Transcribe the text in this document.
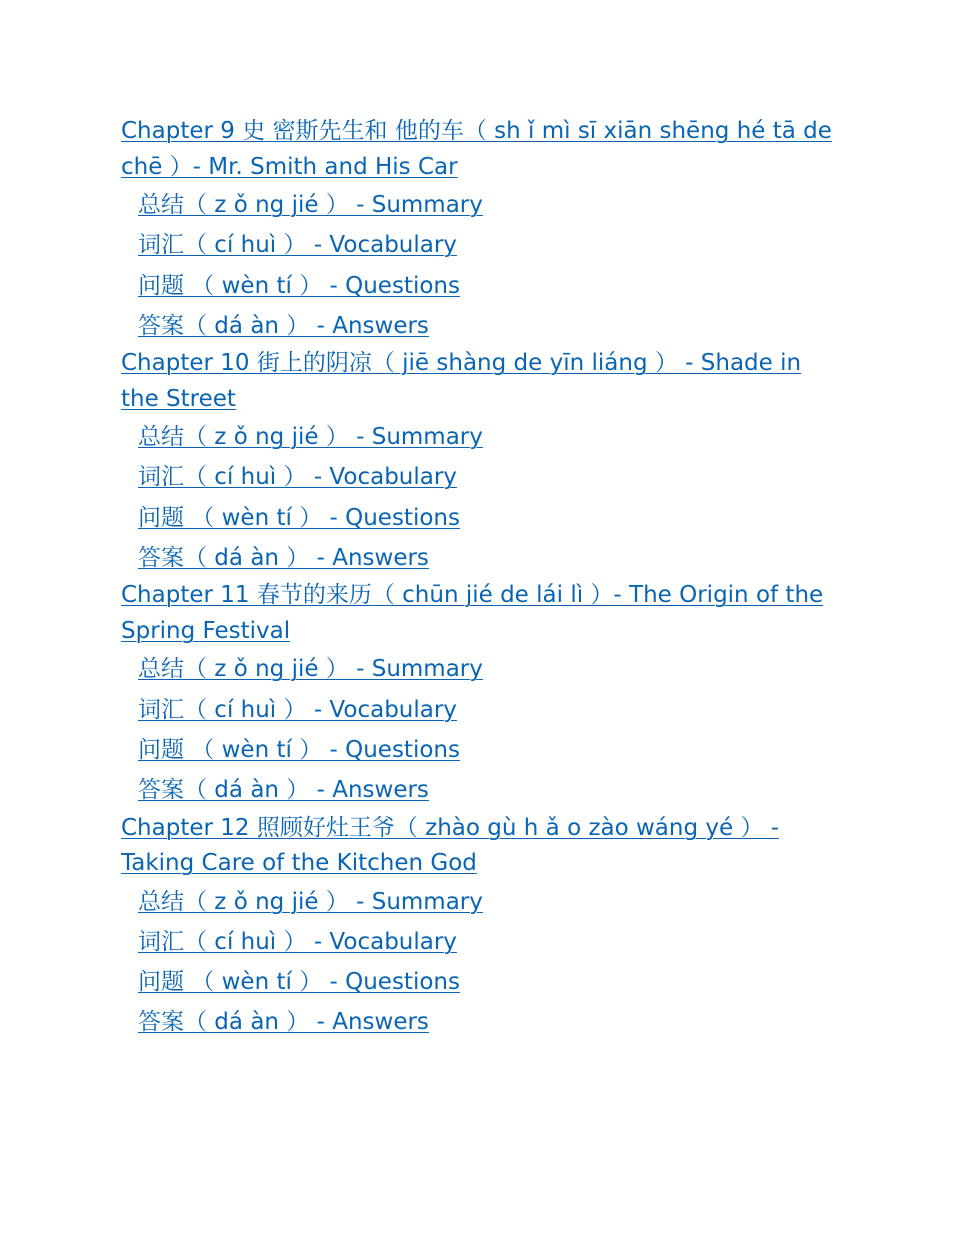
Chapter 9 史 密斯先生和 他的车（ sh ǐ mì sī xiān shēng hé tā de chē ）- Mr. Smith and His Car
总结（ z ǒ ng jié ） - Summary
词汇（ cí huì ） - Vocabulary
问题 （ wèn tí ） - Questions
答案（ dá àn ） - Answers
Chapter 10 街上的阴凉（ jiē shàng de yīn liáng ） - Shade in the Street
总结（ z ǒ ng jié ） - Summary
词汇（ cí huì ） - Vocabulary
问题 （ wèn tí ） - Questions
答案（ dá àn ） - Answers
Chapter 11 春节的来历（ chūn jié de lái lì ）- The Origin of the Spring Festival
总结（ z ǒ ng jié ） - Summary
词汇（ cí huì ） - Vocabulary
问题 （ wèn tí ） - Questions
答案（ dá àn ） - Answers
Chapter 12 照顾好灶王爷（ zhào gù h ǎ o zào wáng yé ） - Taking Care of the Kitchen God
总结（ z ǒ ng jié ） - Summary
词汇（ cí huì ） - Vocabulary
问题 （ wèn tí ） - Questions
答案（ dá àn ） - Answers
